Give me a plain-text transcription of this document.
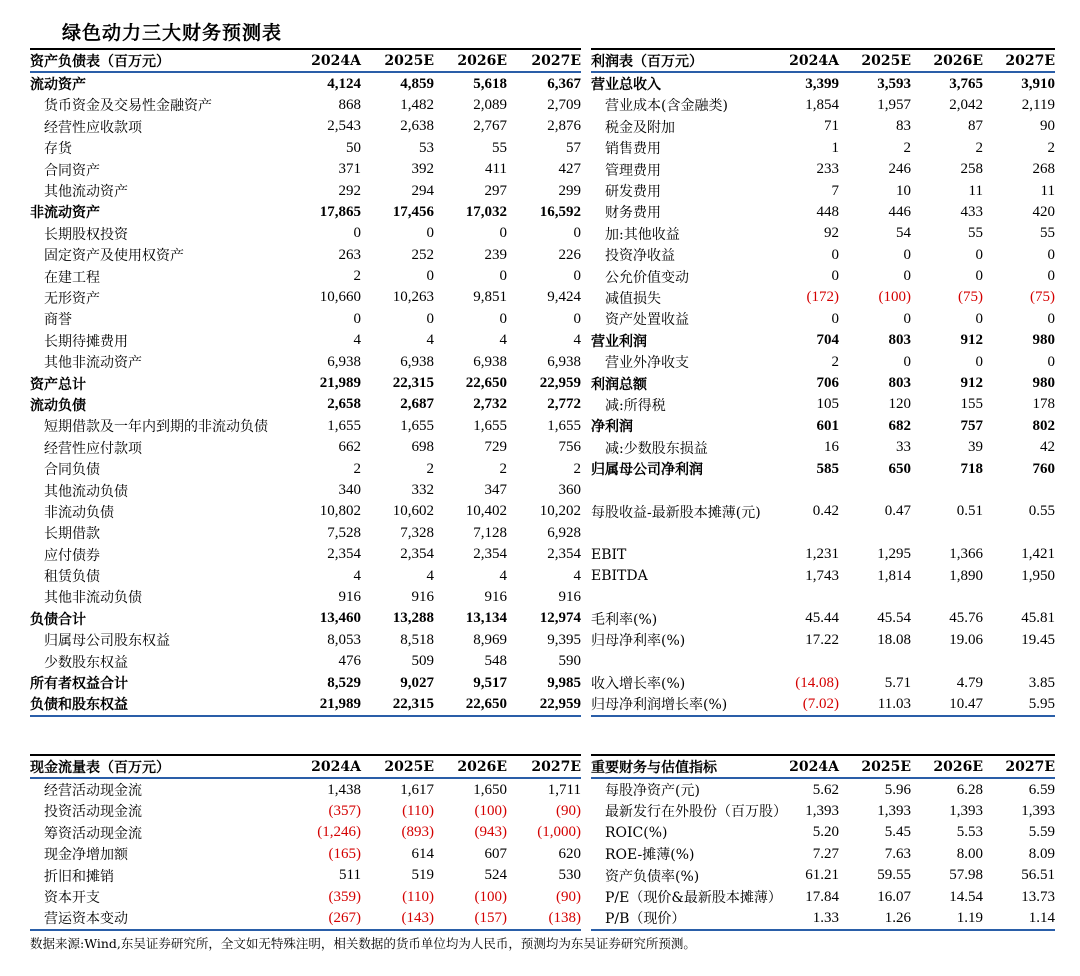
绿色动力三大财务预测表
资产负债表（百万元）	2024A	2025E	2026E	2027E
流动资产	4,124	4,859	5,618	6,367
货币资金及交易性金融资产	868	1,482	2,089	2,709
经营性应收款项	2,543	2,638	2,767	2,876
存货	50	53	55	57
合同资产	371	392	411	427
其他流动资产	292	294	297	299
非流动资产	17,865	17,456	17,032	16,592
长期股权投资	0	0	0	0
固定资产及使用权资产	263	252	239	226
在建工程	2	0	0	0
无形资产	10,660	10,263	9,851	9,424
商誉	0	0	0	0
长期待摊费用	4	4	4	4
其他非流动资产	6,938	6,938	6,938	6,938
资产总计	21,989	22,315	22,650	22,959
流动负债	2,658	2,687	2,732	2,772
短期借款及一年内到期的非流动负债	1,655	1,655	1,655	1,655
经营性应付款项	662	698	729	756
合同负债	2	2	2	2
其他流动负债	340	332	347	360
非流动负债	10,802	10,602	10,402	10,202
长期借款	7,528	7,328	7,128	6,928
应付债券	2,354	2,354	2,354	2,354
租赁负债	4	4	4	4
其他非流动负债	916	916	916	916
负债合计	13,460	13,288	13,134	12,974
归属母公司股东权益	8,053	8,518	8,969	9,395
少数股东权益	476	509	548	590
所有者权益合计	8,529	9,027	9,517	9,985
负债和股东权益	21,989	22,315	22,650	22,959
利润表（百万元）	2024A	2025E	2026E	2027E
营业总收入	3,399	3,593	3,765	3,910
营业成本(含金融类)	1,854	1,957	2,042	2,119
税金及附加	71	83	87	90
销售费用	1	2	2	2
管理费用	233	246	258	268
研发费用	7	10	11	11
财务费用	448	446	433	420
加:其他收益	92	54	55	55
投资净收益	0	0	0	0
公允价值变动	0	0	0	0
减值损失	(172)	(100)	(75)	(75)
资产处置收益	0	0	0	0
营业利润	704	803	912	980
营业外净收支	2	0	0	0
利润总额	706	803	912	980
减:所得税	105	120	155	178
净利润	601	682	757	802
减:少数股东损益	16	33	39	42
归属母公司净利润	585	650	718	760

每股收益-最新股本摊薄(元)	0.42	0.47	0.51	0.55

EBIT	1,231	1,295	1,366	1,421
EBITDA	1,743	1,814	1,890	1,950

毛利率(%)	45.44	45.54	45.76	45.81
归母净利率(%)	17.22	18.08	19.06	19.45

收入增长率(%)	(14.08)	5.71	4.79	3.85
归母净利润增长率(%)	(7.02)	11.03	10.47	5.95
现金流量表（百万元）	2024A	2025E	2026E	2027E
经营活动现金流	1,438	1,617	1,650	1,711
投资活动现金流	(357)	(110)	(100)	(90)
筹资活动现金流	(1,246)	(893)	(943)	(1,000)
现金净增加额	(165)	614	607	620
折旧和摊销	511	519	524	530
资本开支	(359)	(110)	(100)	(90)
营运资本变动	(267)	(143)	(157)	(138)
重要财务与估值指标	2024A	2025E	2026E	2027E
每股净资产(元)	5.62	5.96	6.28	6.59
最新发行在外股份（百万股）	1,393	1,393	1,393	1,393
ROIC(%)	5.20	5.45	5.53	5.59
ROE-摊薄(%)	7.27	7.63	8.00	8.09
资产负债率(%)	61.21	59.55	57.98	56.51
P/E（现价&最新股本摊薄）	17.84	16.07	14.54	13.73
P/B（现价）	1.33	1.26	1.19	1.14
数据来源:Wind,东吴证券研究所，全文如无特殊注明，相关数据的货币单位均为人民币，预测均为东吴证券研究所预测。
